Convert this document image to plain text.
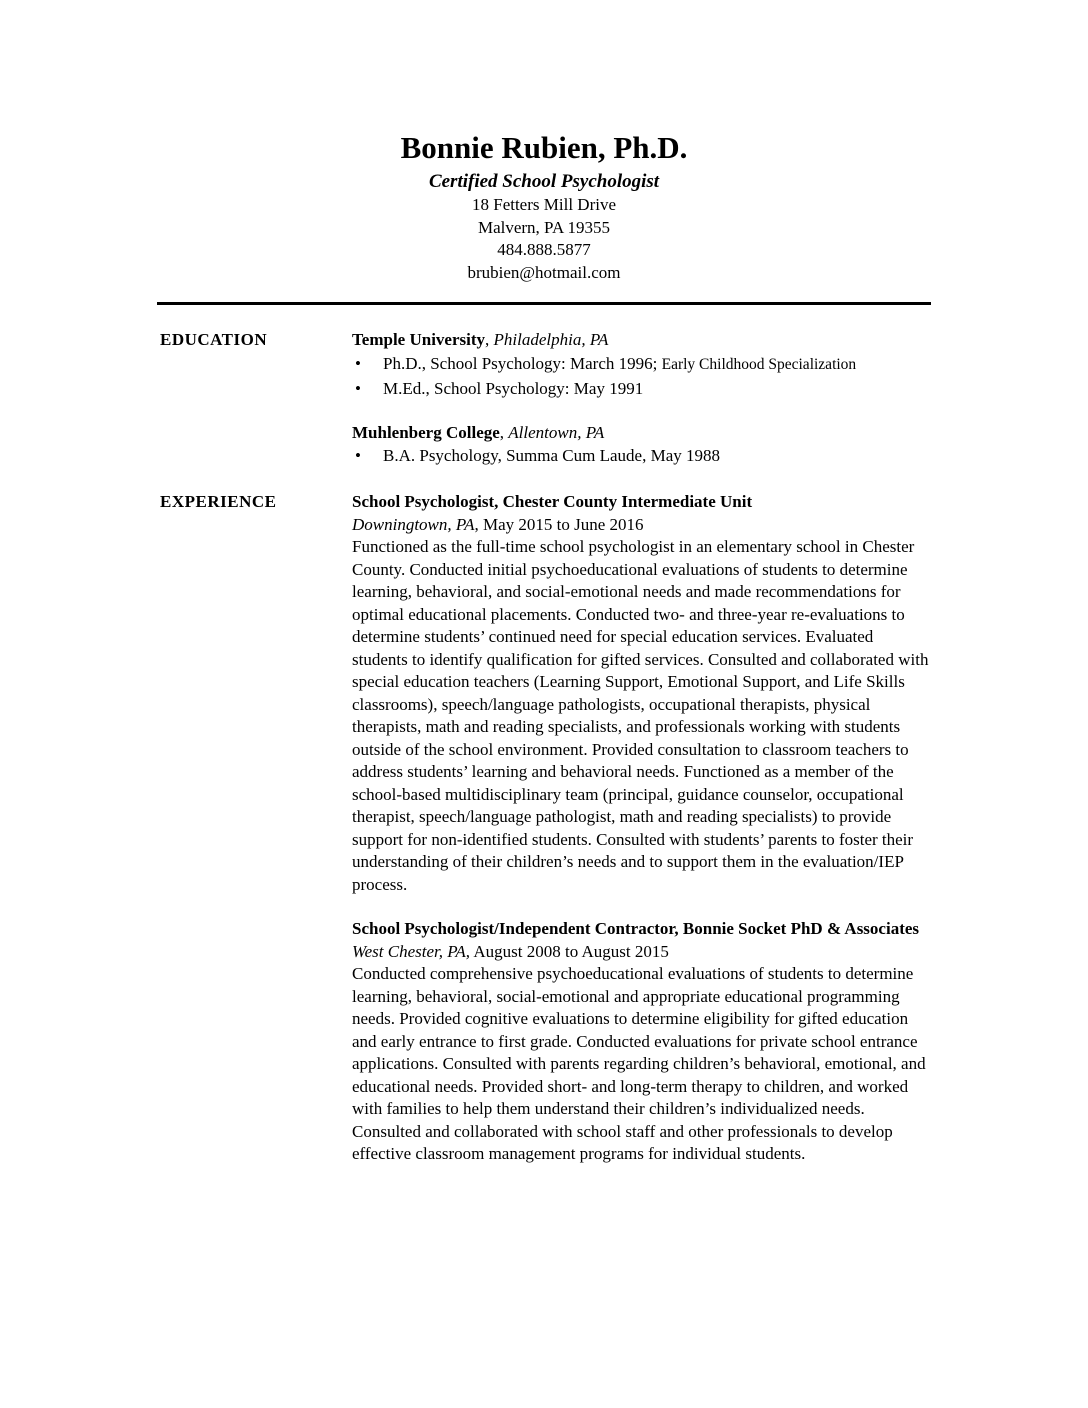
Bonnie Rubien, Ph.D.
Certified School Psychologist
18 Fetters Mill Drive
Malvern, PA 19355
484.888.5877
brubien@hotmail.com
EDUCATION	Temple University, Philadelphia, PA
• Ph.D., School Psychology: March 1996; Early Childhood Specialization
• M.Ed., School Psychology: May 1991
Muhlenberg College, Allentown, PA
• B.A. Psychology, Summa Cum Laude, May 1988
EXPERIENCE	School Psychologist, Chester County Intermediate Unit
Downingtown, PA, May 2015 to June 2016
Functioned as the full-time school psychologist in an elementary school in Chester County. Conducted initial psychoeducational evaluations of students to determine learning, behavioral, and social-emotional needs and made recommendations for optimal educational placements. Conducted two- and three-year re-evaluations to determine students’ continued need for special education services. Evaluated students to identify qualification for gifted services. Consulted and collaborated with special education teachers (Learning Support, Emotional Support, and Life Skills classrooms), speech/language pathologists, occupational therapists, physical therapists, math and reading specialists, and professionals working with students outside of the school environment. Provided consultation to classroom teachers to address students’ learning and behavioral needs. Functioned as a member of the school-based multidisciplinary team (principal, guidance counselor, occupational therapist, speech/language pathologist, math and reading specialists) to provide support for non-identified students. Consulted with students’ parents to foster their understanding of their children’s needs and to support them in the evaluation/IEP process.
School Psychologist/Independent Contractor, Bonnie Socket PhD & Associates
West Chester, PA, August 2008 to August 2015
Conducted comprehensive psychoeducational evaluations of students to determine learning, behavioral, social-emotional and appropriate educational programming needs. Provided cognitive evaluations to determine eligibility for gifted education and early entrance to first grade. Conducted evaluations for private school entrance applications. Consulted with parents regarding children’s behavioral, emotional, and educational needs. Provided short- and long-term therapy to children, and worked with families to help them understand their children’s individualized needs. Consulted and collaborated with school staff and other professionals to develop effective classroom management programs for individual students.
